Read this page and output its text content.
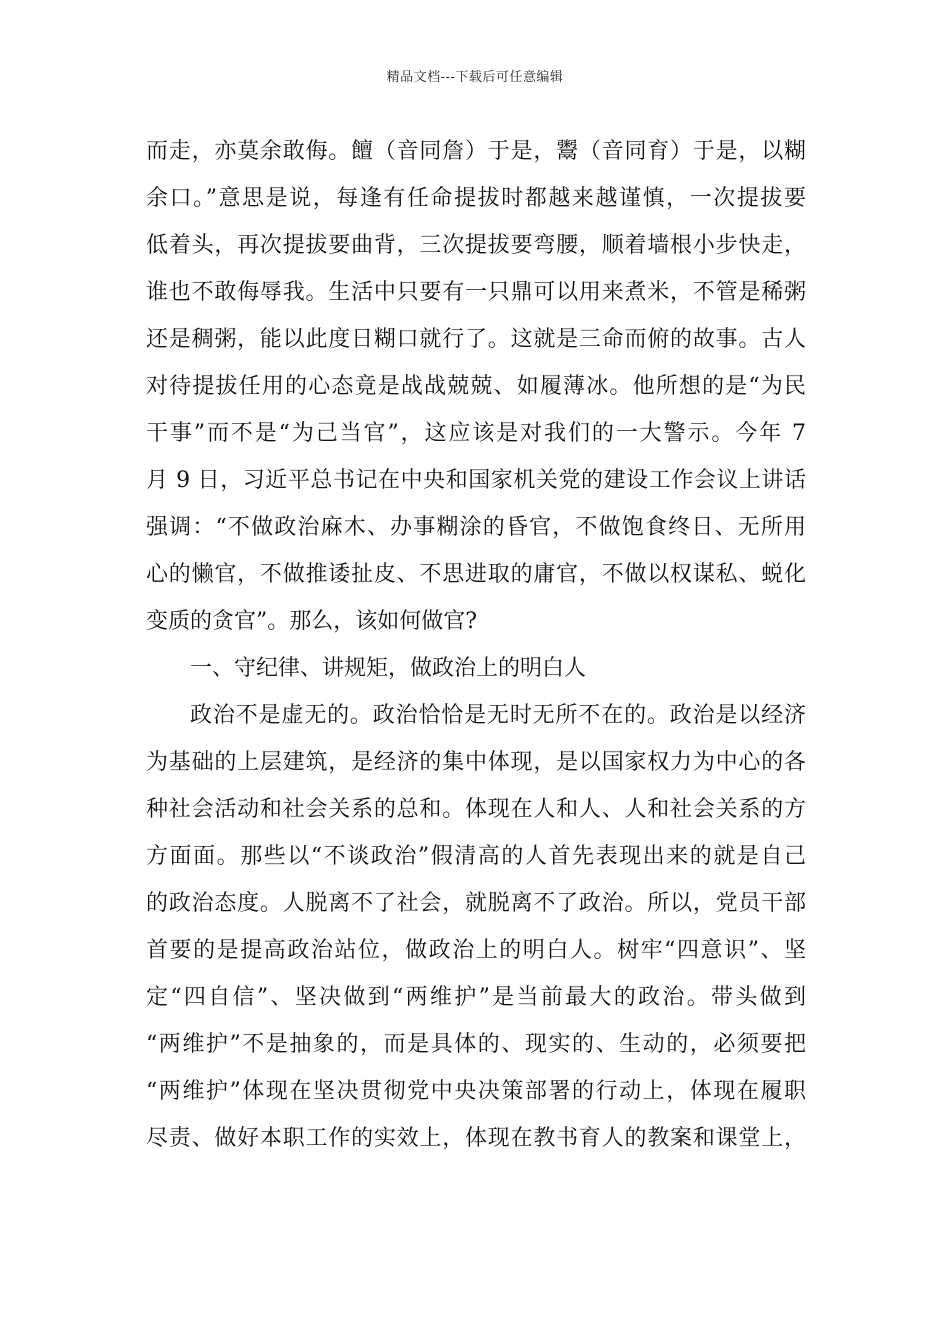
精品文档---下载后可任意编辑
而走，亦莫余敢侮。饘（音同詹）于是，鬻（音同育）于是，以糊
余口。”意思是说，每逢有任命提拔时都越来越谨慎，一次提拔要
低着头，再次提拔要曲背，三次提拔要弯腰，顺着墙根小步快走，
谁也不敢侮辱我。生活中只要有一只鼎可以用来煮米，不管是稀粥
还是稠粥，能以此度日糊口就行了。这就是三命而俯的故事。古人
对待提拔任用的心态竟是战战兢兢、如履薄冰。他所想的是“为民
干事”而不是“为己当官”，这应该是对我们的一大警示。今年 7
月 9 日，习近平总书记在中央和国家机关党的建设工作会议上讲话
强调：“不做政治麻木、办事糊涂的昏官，不做饱食终日、无所用
心的懒官，不做推诿扯皮、不思进取的庸官，不做以权谋私、蜕化
变质的贪官”。那么，该如何做官?
一、守纪律、讲规矩，做政治上的明白人
政治不是虚无的。政治恰恰是无时无所不在的。政治是以经济
为基础的上层建筑，是经济的集中体现，是以国家权力为中心的各
种社会活动和社会关系的总和。体现在人和人、人和社会关系的方
方面面。那些以“不谈政治”假清高的人首先表现出来的就是自己
的政治态度。人脱离不了社会，就脱离不了政治。所以，党员干部
首要的是提高政治站位，做政治上的明白人。树牢“四意识”、坚
定“四自信”、坚决做到“两维护”是当前最大的政治。带头做到
“两维护”不是抽象的，而是具体的、现实的、生动的，必须要把
“两维护”体现在坚决贯彻党中央决策部署的行动上，体现在履职
尽责、做好本职工作的实效上，体现在教书育人的教案和课堂上，
